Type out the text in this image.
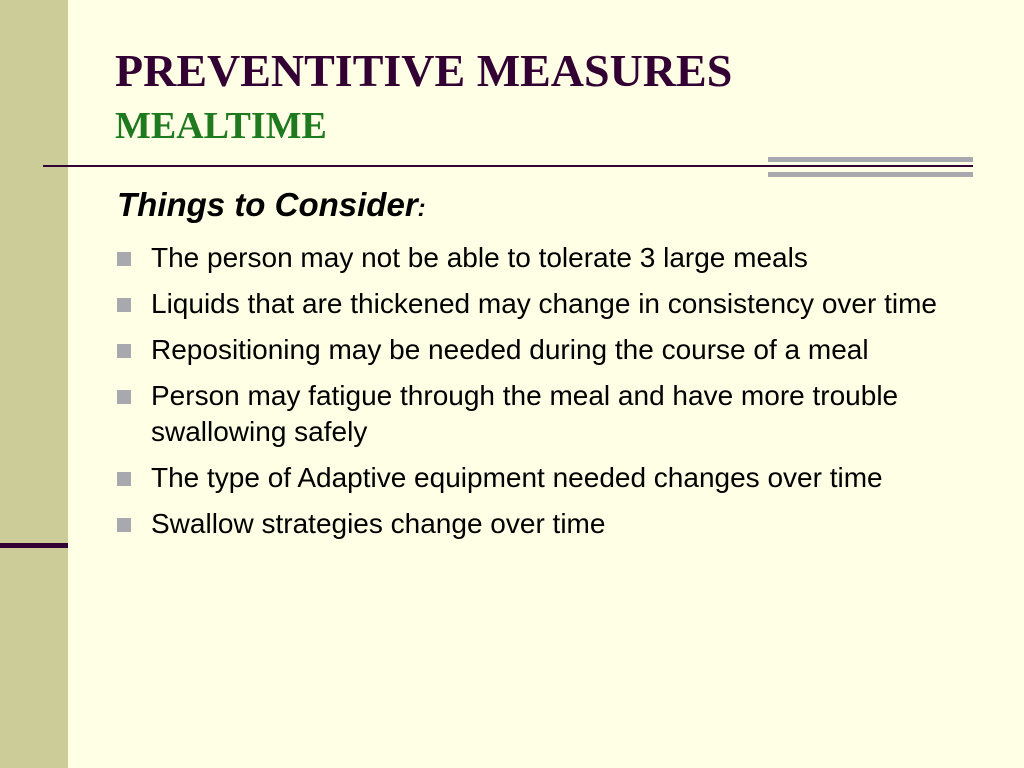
PREVENTITIVE MEASURES
MEALTIME
Things to Consider:
The person may not be able to tolerate 3 large meals
Liquids that are thickened may change in consistency over time
Repositioning may be needed during the course of a meal
Person may fatigue through the meal and have more trouble swallowing safely
The type of Adaptive equipment needed changes over time
Swallow strategies change over time
